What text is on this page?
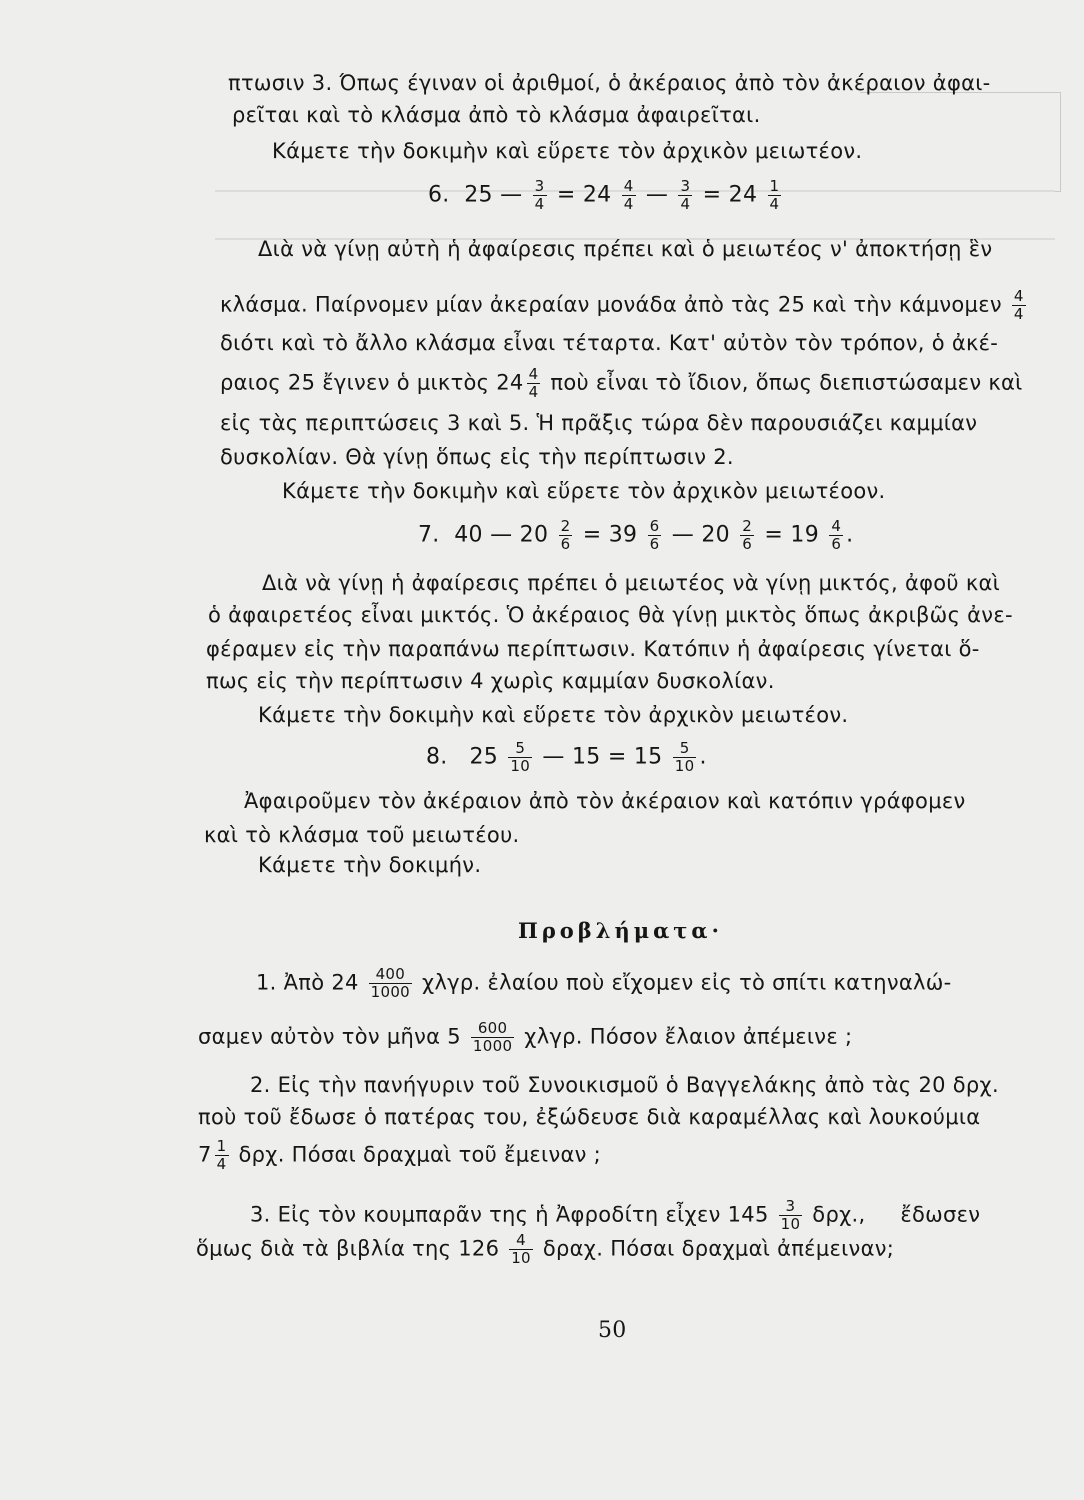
πτωσιν 3. Όπως έγιναν οἱ ἀριθμοί, ὁ ἀκέραιος ἀπὸ τὸν ἀκέραιον ἀφαι-
ρεῖται καὶ τὸ κλάσμα ἀπὸ τὸ κλάσμα ἀφαιρεῖται.
Κάμετε τὴν δοκιμὴν καὶ εὕρετε τὸν ἀρχικὸν μειωτέον.
6. 25 — $\frac{3}{4} = 24 \frac{4}{4}$ — $\frac{3}{4} = 24 \frac{1}{4}$
Διὰ νὰ γίνῃ αὐτὴ ἡ ἀφαίρεσις πρέπει καὶ ὁ μειωτέος ν' ἀποκτήσῃ ἓν
κλάσμα. Παίρνομεν μίαν ἀκεραίαν μονάδα ἀπὸ τὰς 25 καὶ τὴν κάμνομεν $\frac{4}{4}$
διότι καὶ τὸ ἄλλο κλάσμα εἶναι τέταρτα. Κατ' αὐτὸν τὸν τρόπον, ὁ ἀκέ-
ραιος 25 ἔγινεν ὁ μικτὸς $24 \frac{4}{4}$ ποὺ εἶναι τὸ ἴδιον, ὅπως διεπιστώσαμεν καὶ
εἰς τὰς περιπτώσεις 3 καὶ 5. Ἡ πρᾶξις τώρα δὲν παρουσιάζει καμμίαν
δυσκολίαν. Θὰ γίνῃ ὅπως εἰς τὴν περίπτωσιν 2.
Κάμετε τὴν δοκιμὴν καὶ εὕρετε τὸν ἀρχικὸν μειωτέοον.
7. 40 — $20 \frac{2}{6} = 39 \frac{6}{6}$ — $20 \frac{2}{6} = 19 \frac{4}{6}$ .
Διὰ νὰ γίνῃ ἡ ἀφαίρεσις πρέπει ὁ μειωτέος νὰ γίνῃ μικτός, ἀφοῦ καὶ
ὁ ἀφαιρετέος εἶναι μικτός. Ὁ ἀκέραιος θὰ γίνῃ μικτὸς ὅπως ἀκριβῶς ἀνε-
φέραμεν εἰς τὴν παραπάνω περίπτωσιν. Κατόπιν ἡ ἀφαίρεσις γίνεται ὅ-
πως εἰς τὴν περίπτωσιν 4 χωρὶς καμμίαν δυσκολίαν.
Κάμετε τὴν δοκιμὴν καὶ εὕρετε τὸν ἀρχικὸν μειωτέον.
8. $25 \frac{5}{10}$ — $15 = 15 \frac{5}{10}$ .
Ἀφαιροῦμεν τὸν ἀκέραιον ἀπὸ τὸν ἀκέραιον καὶ κατόπιν γράφομεν
καὶ τὸ κλάσμα τοῦ μειωτέου.
Κάμετε τὴν δοκιμήν.
Προβλήματα·
1. Ἀπὸ $24 \frac{400}{1000} \chi\lambda\gamma\rho$. ἐλαίου ποὺ εἴχομεν εἰς τὸ σπίτι κατηναλώ-
σαμεν αὐτὸν τὸν μῆνα $5 \frac{600}{1000} \chi\lambda\gamma\rho$. Πόσον ἔλαιον ἀπέμεινε ;
2. Εἰς τὴν πανήγυριν τοῦ Συνοικισμοῦ ὁ Βαγγελάκης ἀπὸ τὰς 20 δρχ.
ποὺ τοῦ ἔδωσε ὁ πατέρας του, ἐξώδευσε διὰ καραμέλλας καὶ λουκούμια
$7 \frac{1}{4} \delta\rho\chi$. Πόσαι δραχμαὶ τοῦ ἔμειναν ;
3. Εἰς τὸν κουμπαρᾶν της ἡ Ἀφροδίτη εἶχεν $145 \frac{3}{10} \delta\rho\chi$., ἔδωσεν
ὅμως διὰ τὰ βιβλία της $126 \frac{4}{10} \delta\rho\alpha\chi$. Πόσαι δραχμαὶ ἀπέμειναν;
50
